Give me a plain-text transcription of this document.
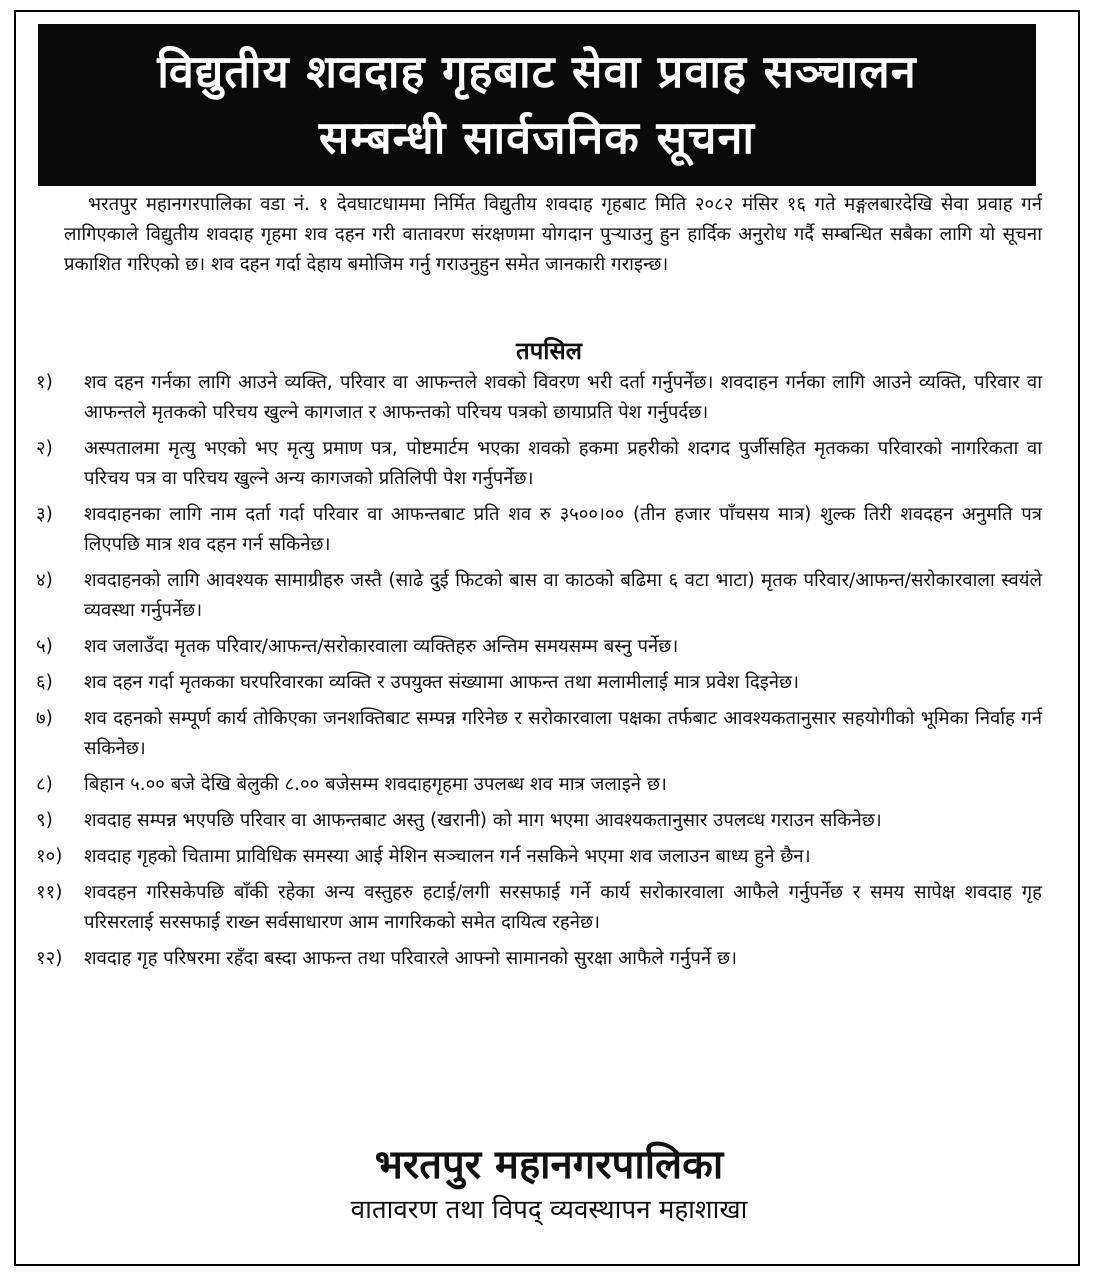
विद्युतीय शवदाह गृहबाट सेवा प्रवाह सञ्चालन
सम्बन्धी सार्वजनिक सूचना
भरतपुर महानगरपालिका वडा नं. १ देवघाटधाममा निर्मित विद्युतीय शवदाह गृहबाट मिति २०८२ मंसिर १६ गते मङ्गलबारदेखि सेवा प्रवाह गर्न लागिएकाले विद्युतीय शवदाह गृहमा शव दहन गरी वातावरण संरक्षणमा योगदान पुऱ्याउनु हुन हार्दिक अनुरोध गर्दै सम्बन्धित सबैका लागि यो सूचना प्रकाशित गरिएको छ। शव दहन गर्दा देहाय बमोजिम गर्नु गराउनुहुन समेत जानकारी गराइन्छ।
तपसिल
१)	शव दहन गर्नका लागि आउने व्यक्ति, परिवार वा आफन्तले शवको विवरण भरी दर्ता गर्नुपर्नेछ। शवदाहन गर्नका लागि आउने व्यक्ति, परिवार वा आफन्तले मृतकको परिचय खुल्ने कागजात र आफन्तको परिचय पत्रको छायाप्रति पेश गर्नुपर्दछ।
२)	अस्पतालमा मृत्यु भएको भए मृत्यु प्रमाण पत्र, पोष्टमार्टम भएका शवको हकमा प्रहरीको शदगद पुर्जीसहित मृतकका परिवारको नागरिकता वा परिचय पत्र वा परिचय खुल्ने अन्य कागजको प्रतिलिपी पेश गर्नुपर्नेछ।
३)	शवदाहनका लागि नाम दर्ता गर्दा परिवार वा आफन्तबाट प्रति शव रु ३५००।०० (तीन हजार पाँचसय मात्र) शुल्क तिरी शवदहन अनुमति पत्र लिएपछि मात्र शव दहन गर्न सकिनेछ।
४)	शवदाहनको लागि आवश्यक सामाग्रीहरु जस्तै (साढे दुई फिटको बास वा काठको बढिमा ६ वटा भाटा) मृतक परिवार/आफन्त/सरोकारवाला स्वयंले व्यवस्था गर्नुपर्नेछ।
५)	शव जलाउँदा मृतक परिवार/आफन्त/सरोकारवाला व्यक्तिहरु अन्तिम समयसम्म बस्नु पर्नेछ।
६)	शव दहन गर्दा मृतकका घरपरिवारका व्यक्ति र उपयुक्त संख्यामा आफन्त तथा मलामीलाई मात्र प्रवेश दिइनेछ।
७)	शव दहनको सम्पूर्ण कार्य तोकिएका जनशक्तिबाट सम्पन्न गरिनेछ र सरोकारवाला पक्षका तर्फबाट आवश्यकतानुसार सहयोगीको भूमिका निर्वाह गर्न सकिनेछ।
८)	बिहान ५.०० बजे देखि बेलुकी ८.०० बजेसम्म शवदाहगृहमा उपलब्ध शव मात्र जलाइने छ।
९)	शवदाह सम्पन्न भएपछि परिवार वा आफन्तबाट अस्तु (खरानी) को माग भएमा आवश्यकतानुसार उपलव्ध गराउन सकिनेछ।
१०)	शवदाह गृहको चितामा प्राविधिक समस्या आई मेशिन सञ्चालन गर्न नसकिने भएमा शव जलाउन बाध्य हुने छैन।
११)	शवदहन गरिसकेपछि बाँकी रहेका अन्य वस्तुहरु हटाई/लगी सरसफाई गर्ने कार्य सरोकारवाला आफैले गर्नुपर्नेछ र समय सापेक्ष शवदाह गृह परिसरलाई सरसफाई राख्न सर्वसाधारण आम नागरिकको समेत दायित्व रहनेछ।
१२)	शवदाह गृह परिषरमा रहँदा बस्दा आफन्त तथा परिवारले आफ्नो सामानको सुरक्षा आफैले गर्नुपर्ने छ।
भरतपुर महानगरपालिका
वातावरण तथा विपद् व्यवस्थापन महाशाखा
